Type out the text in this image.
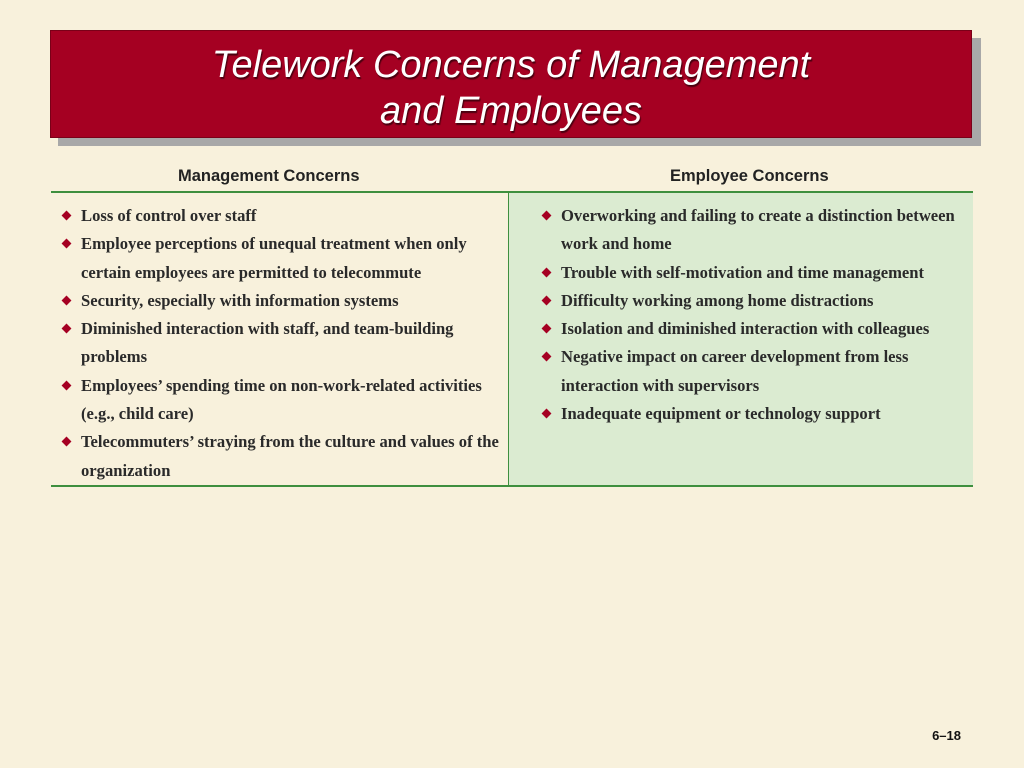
Telework Concerns of Management
and Employees
Management Concerns	Employee Concerns
Loss of control over staff
Employee perceptions of unequal treatment when only certain employees are permitted to telecommute
Security, especially with information systems
Diminished interaction with staff, and team-building problems
Employees’ spending time on non-work-related activities (e.g., child care)
Telecommuters’ straying from the culture and values of the organization
Overworking and failing to create a distinction between work and home
Trouble with self-motivation and time management
Difficulty working among home distractions
Isolation and diminished interaction with colleagues
Negative impact on career development from less interaction with supervisors
Inadequate equipment or technology support
6–18
